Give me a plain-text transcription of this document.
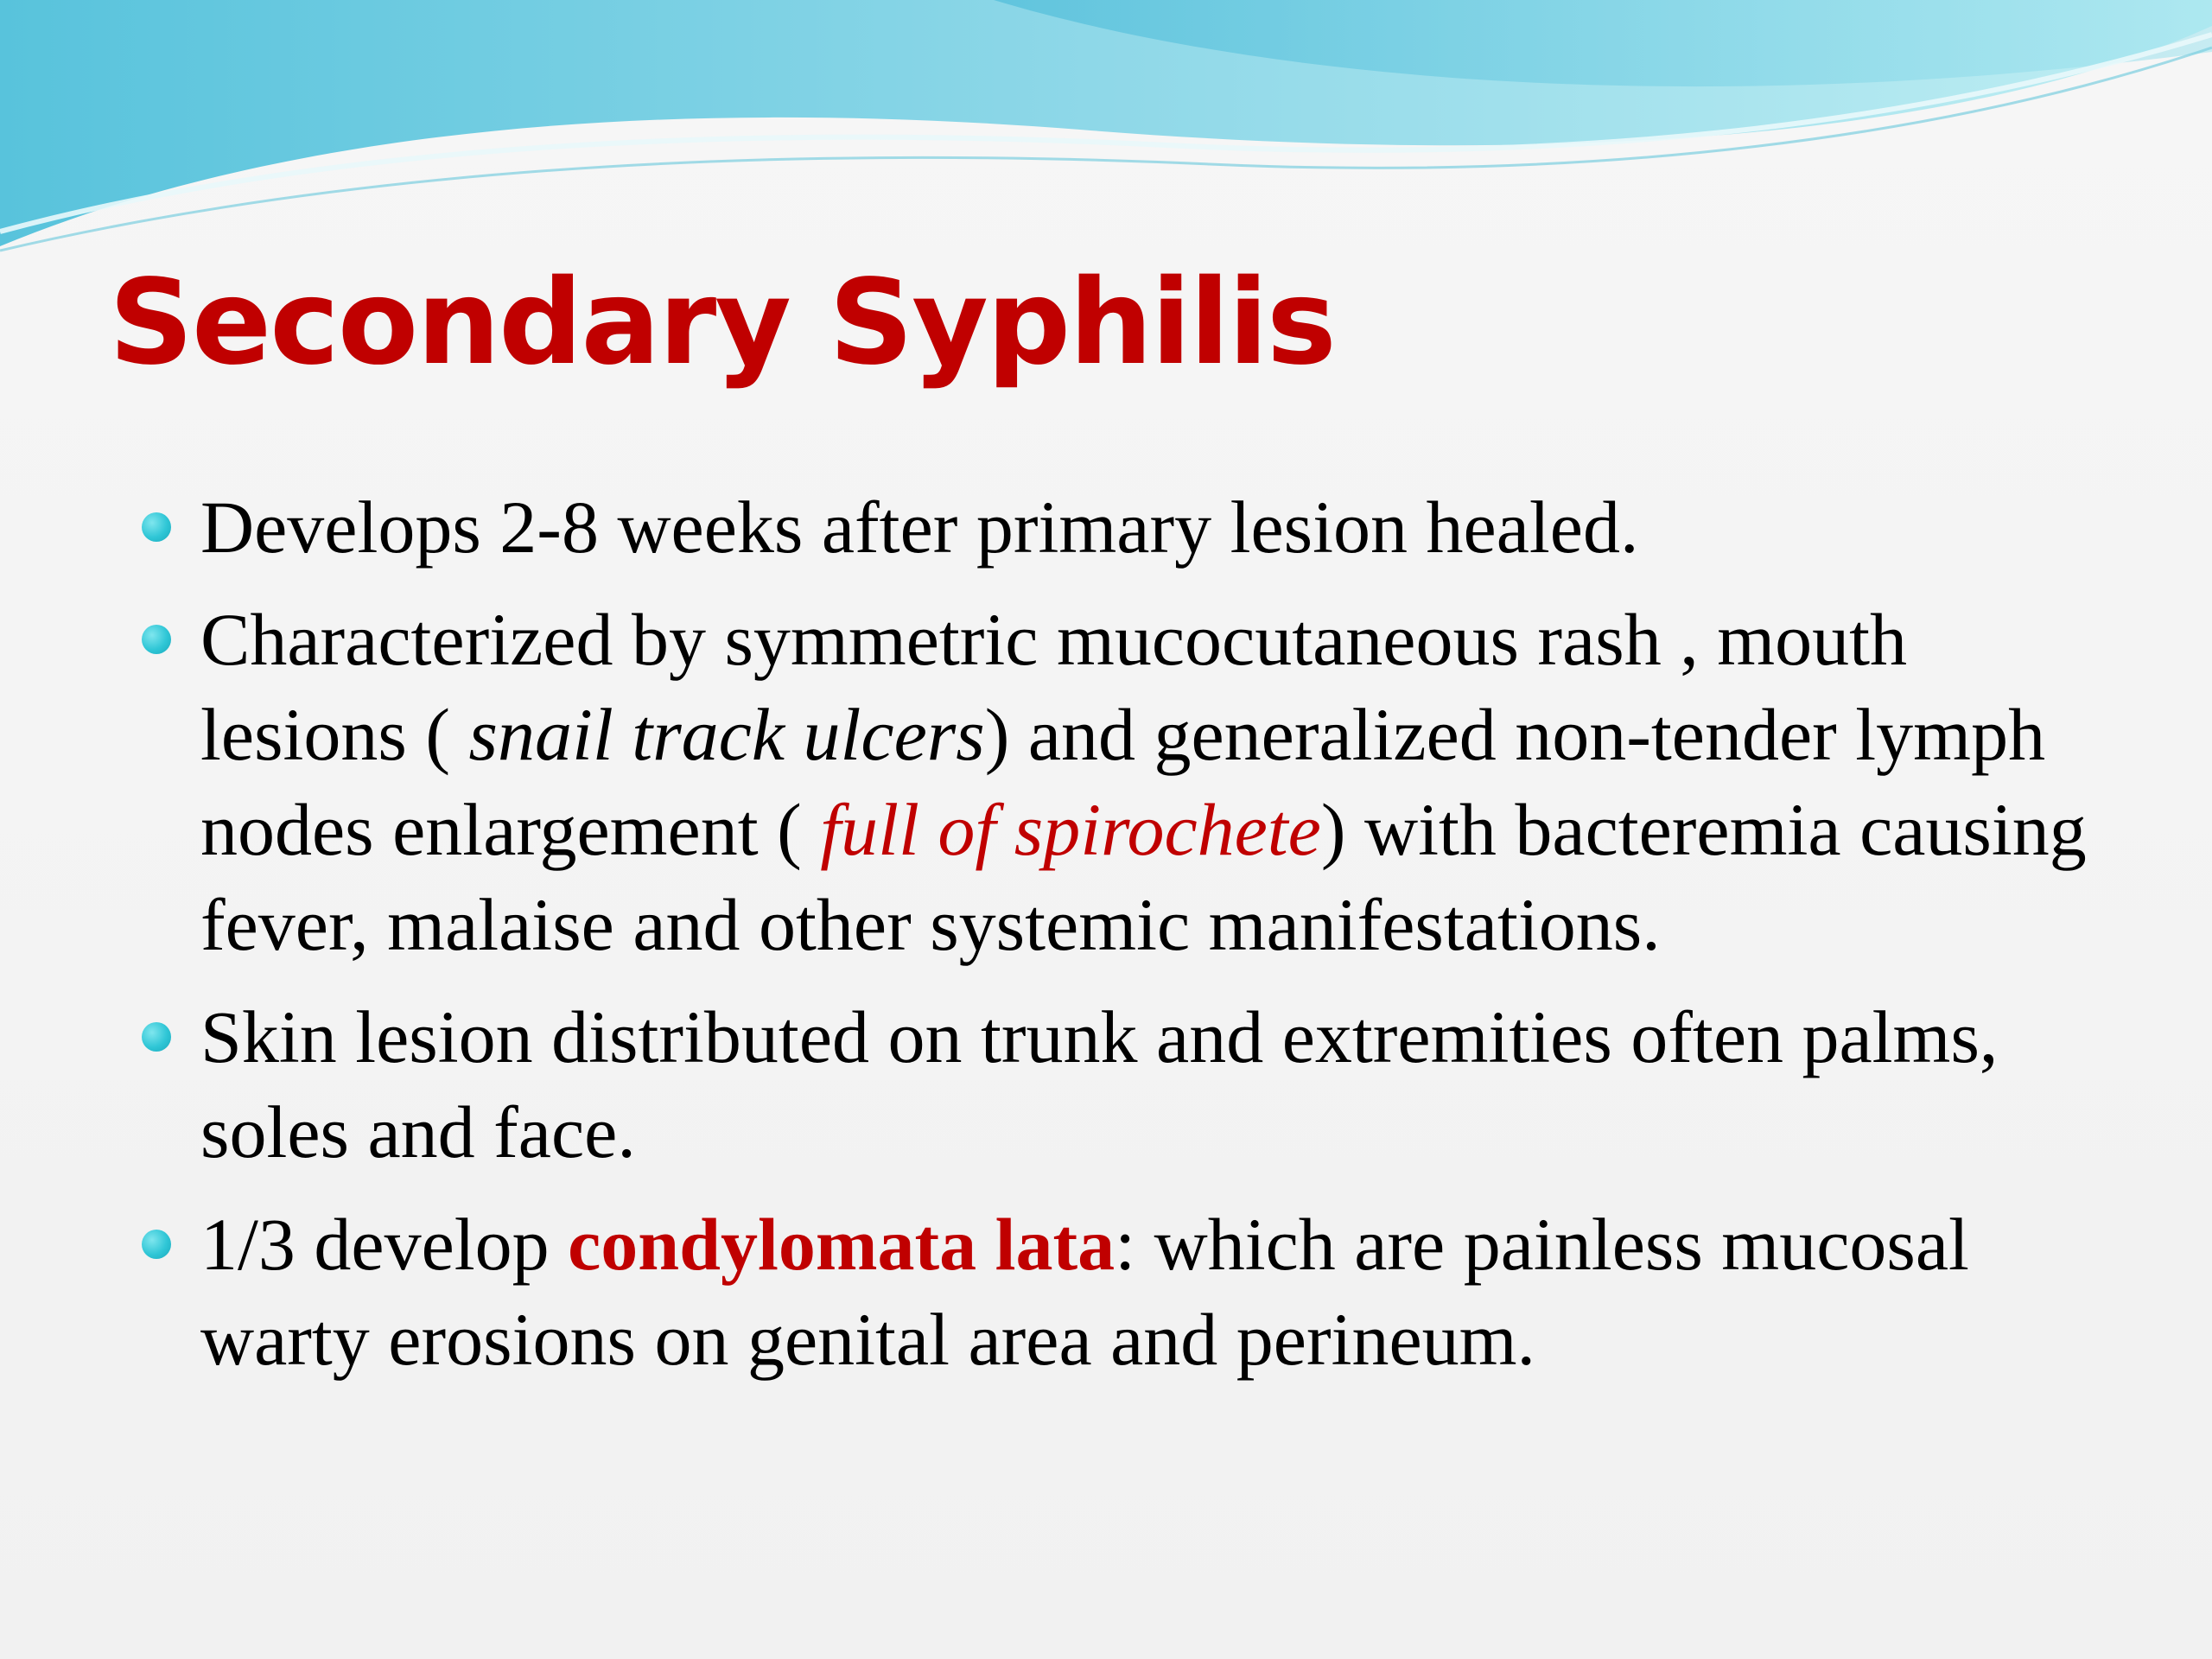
Secondary Syphilis
Develops 2-8 weeks after primary lesion healed.
Characterized by symmetric mucocutaneous rash , mouth lesions ( snail track ulcers) and generalized non-tender lymph nodes enlargement ( full of spirochete) with bacteremia causing fever, malaise and other systemic manifestations.
Skin lesion distributed on trunk and extremities often palms, soles and face.
1/3 develop condylomata lata: which are painless mucosal warty erosions on genital area and perineum.
